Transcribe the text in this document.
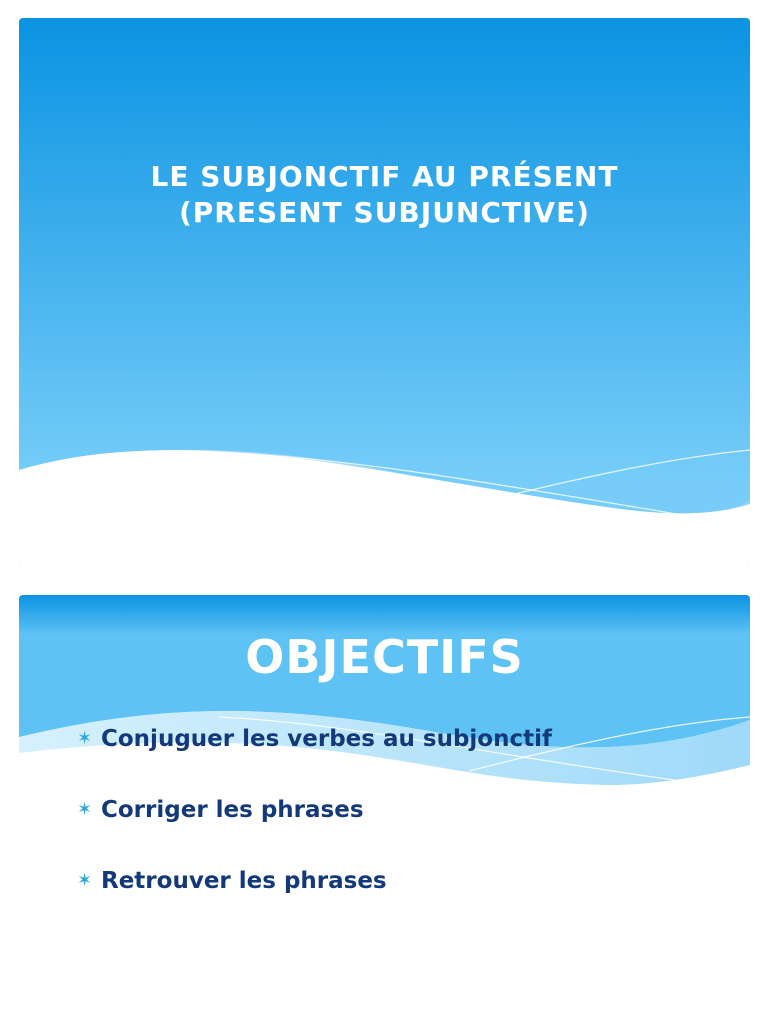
LE SUBJONCTIF AU PRÉSENT
(PRESENT SUBJUNCTIVE)
OBJECTIFS
✶ Conjuguer les verbes au subjonctif
✶ Corriger les phrases
✶ Retrouver les phrases
